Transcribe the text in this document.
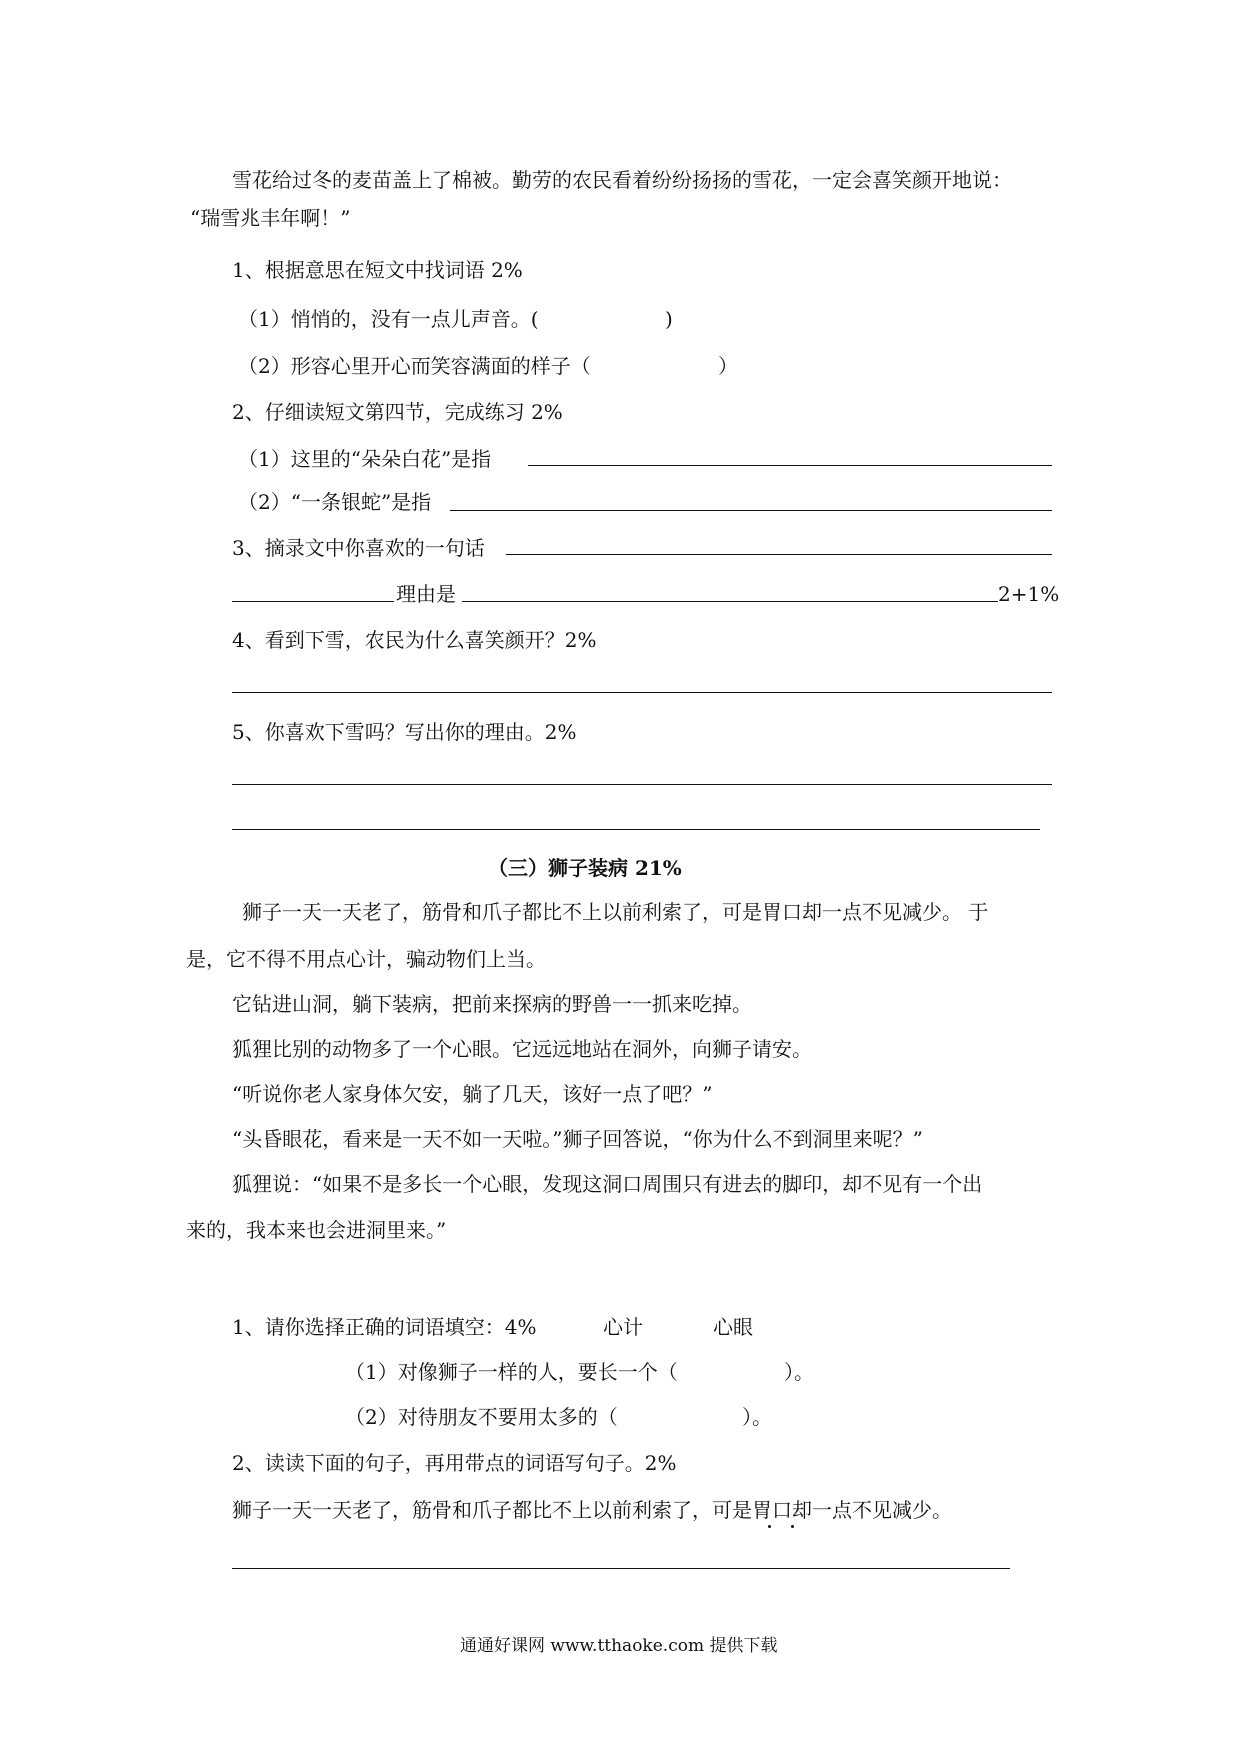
雪花给过冬的麦苗盖上了棉被。勤劳的农民看着纷纷扬扬的雪花，一定会喜笑颜开地说：
“瑞雪兆丰年啊！”
1、根据意思在短文中找词语 2%
（1）悄悄的，没有一点儿声音。(	)
（2）形容心里开心而笑容满面的样子（	）
2、仔细读短文第四节，完成练习 2%
（1）这里的“朵朵白花”是指
（2）“一条银蛇”是指
3、摘录文中你喜欢的一句话
理由是	2+1%
4、看到下雪，农民为什么喜笑颜开？2%
5、你喜欢下雪吗？写出你的理由。2%
（三）狮子装病 21%
狮子一天一天老了，筋骨和爪子都比不上以前利索了，可是胃口却一点不见减少。 于
是，它不得不用点心计，骗动物们上当。
它钻进山洞，躺下装病，把前来探病的野兽一一抓来吃掉。
狐狸比别的动物多了一个心眼。它远远地站在洞外，向狮子请安。
“听说你老人家身体欠安，躺了几天，该好一点了吧？”
“头昏眼花，看来是一天不如一天啦。”狮子回答说，“你为什么不到洞里来呢？”
狐狸说：“如果不是多长一个心眼，发现这洞口周围只有进去的脚印，却不见有一个出
来的，我本来也会进洞里来。”
1、请你选择正确的词语填空：4%	心计	心眼
（1）对像狮子一样的人，要长一个（	）。
（2）对待朋友不要用太多的（	）。
2、读读下面的句子，再用带点的词语写句子。2%
狮子一天一天老了，筋骨和爪子都比不上以前利索了，可是胃口却一点不见减少。
通通好课网 www.tthaoke.com 提供下载
